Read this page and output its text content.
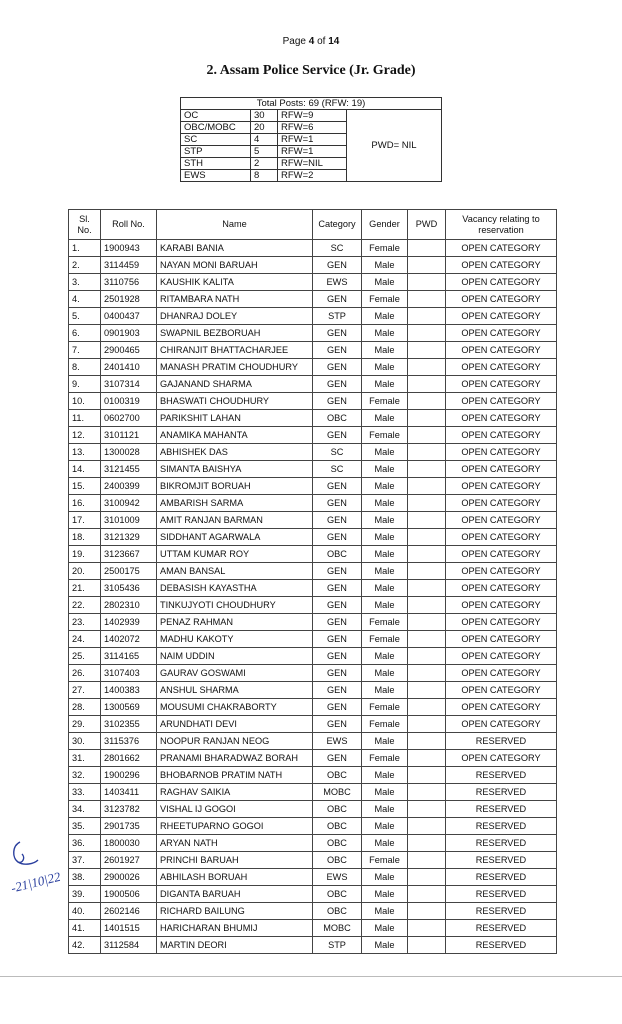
Page 4 of 14
2. Assam Police Service (Jr. Grade)
Total Posts: 69 (RFW: 19)			
OC	30	RFW=9	PWD= NIL
OBC/MOBC	20	RFW=6	
SC	4	RFW=1	
STP	5	RFW=1	
STH	2	RFW=NIL	
EWS	8	RFW=2	
Sl. No.	Roll No.	Name	Category	Gender	PWD	Vacancy relating to reservation
1.	1900943	KARABI BANIA	SC	Female		OPEN CATEGORY
2.	3114459	NAYAN MONI BARUAH	GEN	Male		OPEN CATEGORY
3.	3110756	KAUSHIK KALITA	EWS	Male		OPEN CATEGORY
4.	2501928	RITAMBARA NATH	GEN	Female		OPEN CATEGORY
5.	0400437	DHANRAJ DOLEY	STP	Male		OPEN CATEGORY
6.	0901903	SWAPNIL BEZBORUAH	GEN	Male		OPEN CATEGORY
7.	2900465	CHIRANJIT BHATTACHARJEE	GEN	Male		OPEN CATEGORY
8.	2401410	MANASH PRATIM CHOUDHURY	GEN	Male		OPEN CATEGORY
9.	3107314	GAJANAND SHARMA	GEN	Male		OPEN CATEGORY
10.	0100319	BHASWATI CHOUDHURY	GEN	Female		OPEN CATEGORY
11.	0602700	PARIKSHIT LAHAN	OBC	Male		OPEN CATEGORY
12.	3101121	ANAMIKA MAHANTA	GEN	Female		OPEN CATEGORY
13.	1300028	ABHISHEK DAS	SC	Male		OPEN CATEGORY
14.	3121455	SIMANTA BAISHYA	SC	Male		OPEN CATEGORY
15.	2400399	BIKROMJIT BORUAH	GEN	Male		OPEN CATEGORY
16.	3100942	AMBARISH SARMA	GEN	Male		OPEN CATEGORY
17.	3101009	AMIT RANJAN BARMAN	GEN	Male		OPEN CATEGORY
18.	3121329	SIDDHANT AGARWALA	GEN	Male		OPEN CATEGORY
19.	3123667	UTTAM KUMAR ROY	OBC	Male		OPEN CATEGORY
20.	2500175	AMAN BANSAL	GEN	Male		OPEN CATEGORY
21.	3105436	DEBASISH KAYASTHA	GEN	Male		OPEN CATEGORY
22.	2802310	TINKUJYOTI CHOUDHURY	GEN	Male		OPEN CATEGORY
23.	1402939	PENAZ RAHMAN	GEN	Female		OPEN CATEGORY
24.	1402072	MADHU KAKOTY	GEN	Female		OPEN CATEGORY
25.	3114165	NAIM UDDIN	GEN	Male		OPEN CATEGORY
26.	3107403	GAURAV GOSWAMI	GEN	Male		OPEN CATEGORY
27.	1400383	ANSHUL SHARMA	GEN	Male		OPEN CATEGORY
28.	1300569	MOUSUMI CHAKRABORTY	GEN	Female		OPEN CATEGORY
29.	3102355	ARUNDHATI DEVI	GEN	Female		OPEN CATEGORY
30.	3115376	NOOPUR RANJAN NEOG	EWS	Male		RESERVED
31.	2801662	PRANAMI BHARADWAZ BORAH	GEN	Female		OPEN CATEGORY
32.	1900296	BHOBARNOB PRATIM NATH	OBC	Male		RESERVED
33.	1403411	RAGHAV SAIKIA	MOBC	Male		RESERVED
34.	3123782	VISHAL IJ GOGOI	OBC	Male		RESERVED
35.	2901735	RHEETUPARNO GOGOI	OBC	Male		RESERVED
36.	1800030	ARYAN NATH	OBC	Male		RESERVED
37.	2601927	PRINCHI BARUAH	OBC	Female		RESERVED
38.	2900026	ABHILASH BORUAH	EWS	Male		RESERVED
39.	1900506	DIGANTA BARUAH	OBC	Male		RESERVED
40.	2602146	RICHARD BAILUNG	OBC	Male		RESERVED
41.	1401515	HARICHARAN BHUMIJ	MOBC	Male		RESERVED
42.	3112584	MARTIN DEORI	STP	Male		RESERVED
-21|10|22
